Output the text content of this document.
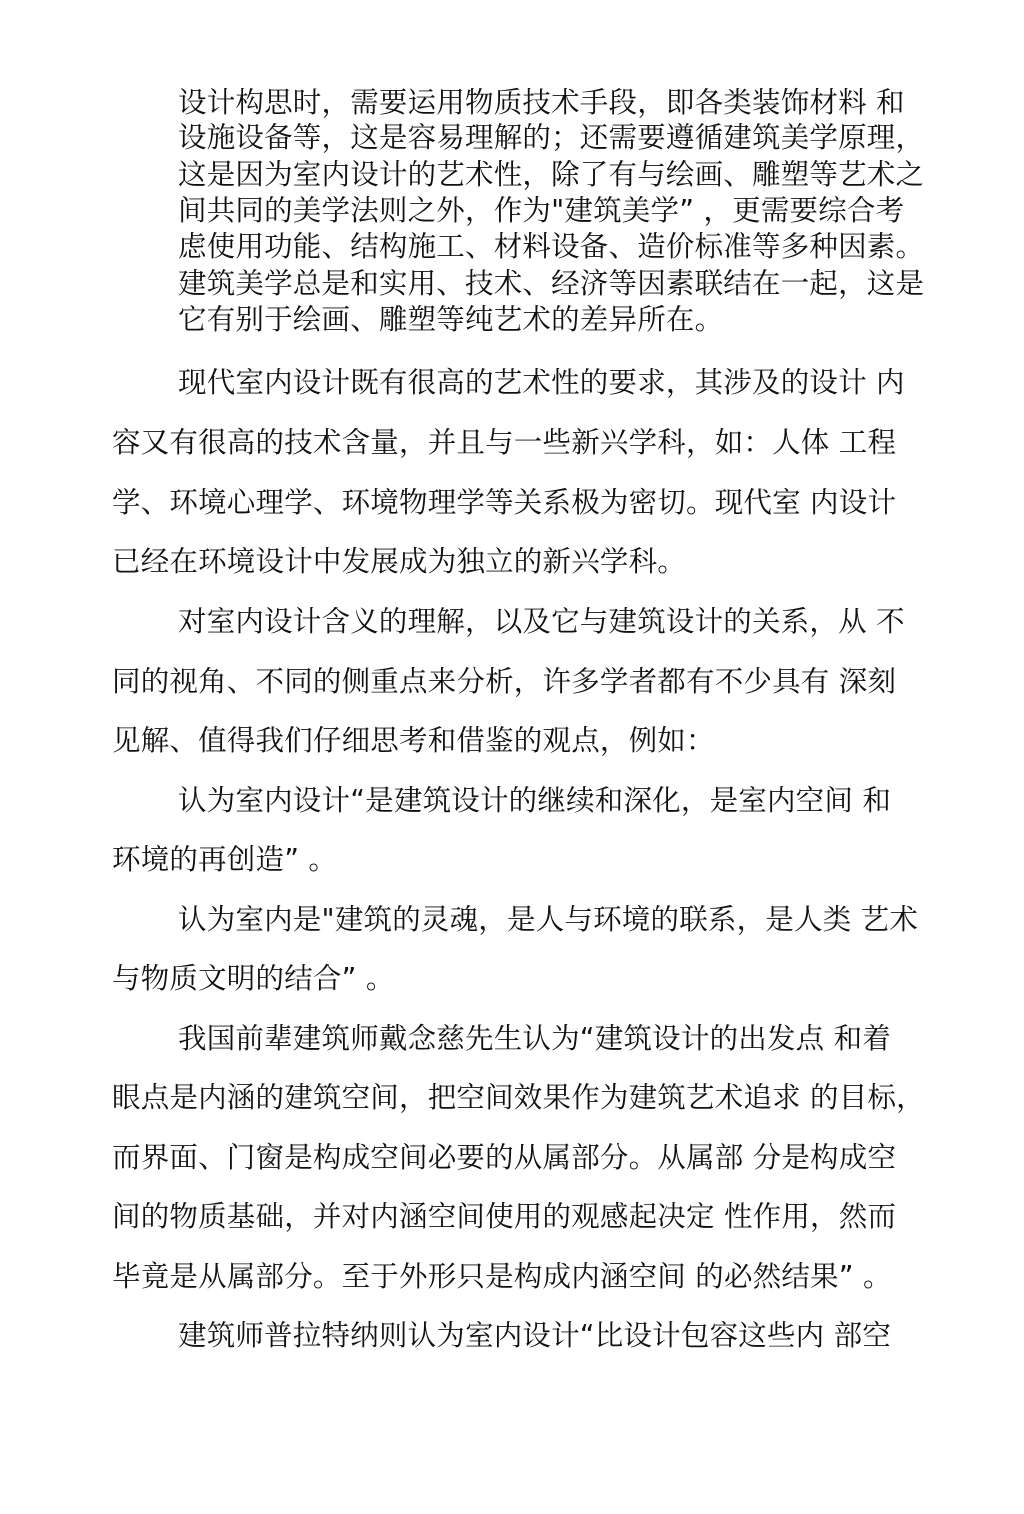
设计构思时，需要运用物质技术手段，即各类装饰材料 和
设施设备等，这是容易理解的；还需要遵循建筑美学原理，
这是因为室内设计的艺术性，除了有与绘画、雕塑等艺术之
间共同的美学法则之外，作为"建筑美学” ，更需要综合考
虑使用功能、结构施工、材料设备、造价标准等多种因素。
建筑美学总是和实用、技术、经济等因素联结在一起，这是
它有别于绘画、雕塑等纯艺术的差异所在。
现代室内设计既有很高的艺术性的要求，其涉及的设计 内
容又有很高的技术含量，并且与一些新兴学科，如：人体 工程
学、环境心理学、环境物理学等关系极为密切。现代室 内设计
已经在环境设计中发展成为独立的新兴学科。
对室内设计含义的理解，以及它与建筑设计的关系，从 不
同的视角、不同的侧重点来分析，许多学者都有不少具有 深刻
见解、值得我们仔细思考和借鉴的观点，例如：
认为室内设计“是建筑设计的继续和深化，是室内空间 和
环境的再创造” 。
认为室内是"建筑的灵魂，是人与环境的联系，是人类 艺术
与物质文明的结合” 。
我国前辈建筑师戴念慈先生认为“建筑设计的出发点 和着
眼点是内涵的建筑空间，把空间效果作为建筑艺术追求 的目标，
而界面、门窗是构成空间必要的从属部分。从属部 分是构成空
间的物质基础，并对内涵空间使用的观感起决定 性作用，然而
毕竟是从属部分。至于外形只是构成内涵空间 的必然结果” 。
建筑师普拉特纳则认为室内设计“比设计包容这些内 部空
